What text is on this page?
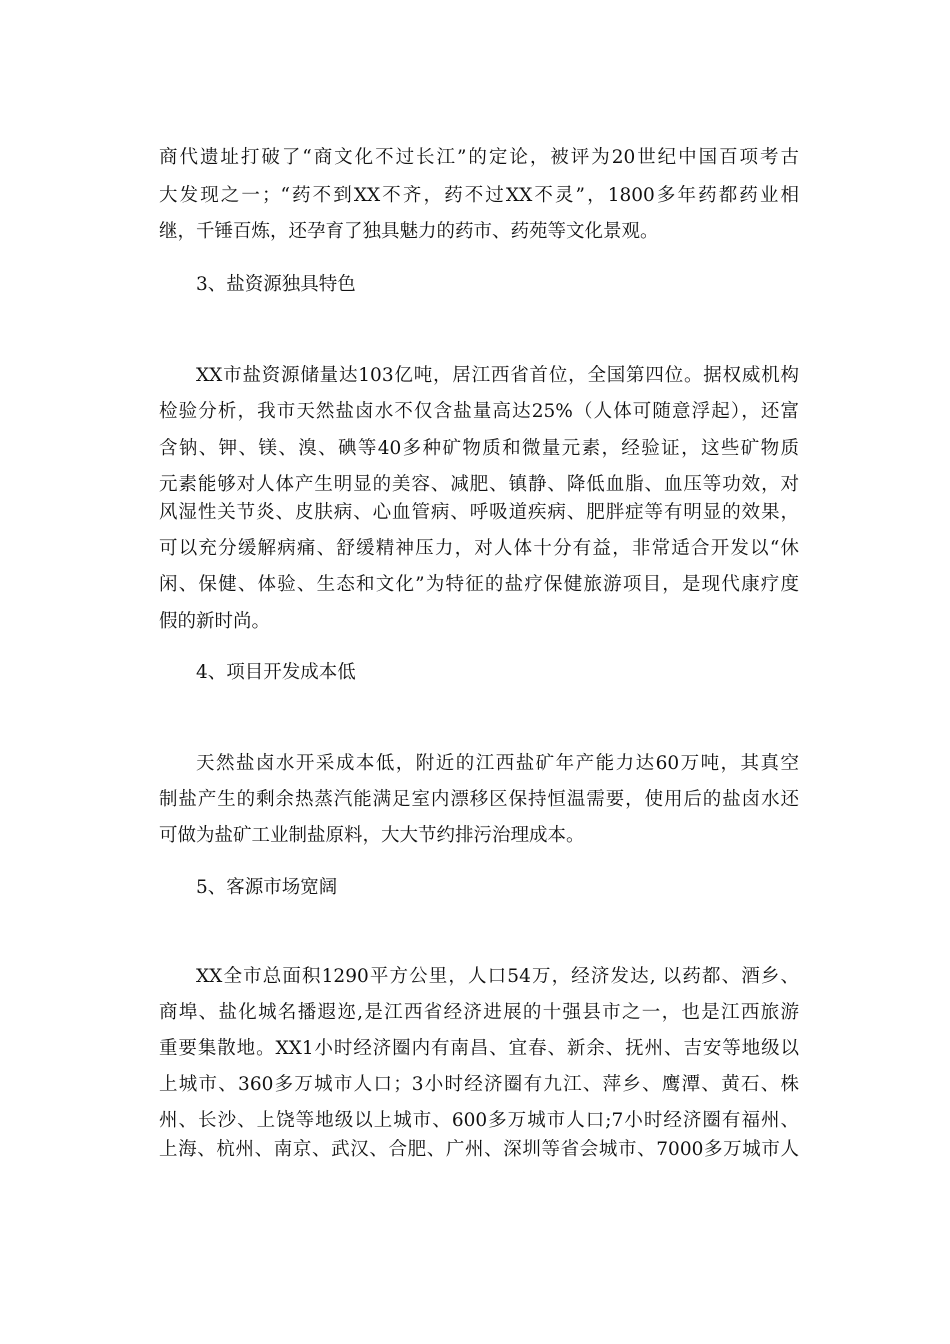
商代遗址打破了“商文化不过长江”的定论，被评为20世纪中国百项考古
大发现之一；“药不到XX不齐，药不过XX不灵”，1800多年药都药业相
继，千锤百炼，还孕育了独具魅力的药市、药苑等文化景观。
3、盐资源独具特色
XX市盐资源储量达103亿吨，居江西省首位，全国第四位。据权威机构
检验分析，我市天然盐卤水不仅含盐量高达25%（人体可随意浮起），还富
含钠、钾、镁、溴、碘等40多种矿物质和微量元素，经验证，这些矿物质
元素能够对人体产生明显的美容、减肥、镇静、降低血脂、血压等功效，对
风湿性关节炎、皮肤病、心血管病、呼吸道疾病、肥胖症等有明显的效果，
可以充分缓解病痛、舒缓精神压力，对人体十分有益，非常适合开发以“休
闲、保健、体验、生态和文化”为特征的盐疗保健旅游项目，是现代康疗度
假的新时尚。
4、项目开发成本低
天然盐卤水开采成本低，附近的江西盐矿年产能力达60万吨，其真空
制盐产生的剩余热蒸汽能满足室内漂移区保持恒温需要，使用后的盐卤水还
可做为盐矿工业制盐原料，大大节约排污治理成本。
5、客源市场宽阔
XX全市总面积1290平方公里，人口54万，经济发达, 以药都、酒乡、
商埠、盐化城名播遐迩,是江西省经济进展的十强县市之一，也是江西旅游
重要集散地。XX1小时经济圈内有南昌、宜春、新余、抚州、吉安等地级以
上城市、360多万城市人口；3小时经济圈有九江、萍乡、鹰潭、黄石、株
州、长沙、上饶等地级以上城市、600多万城市人口;7小时经济圈有福州、
上海、杭州、南京、武汉、合肥、广州、深圳等省会城市、7000多万城市人
